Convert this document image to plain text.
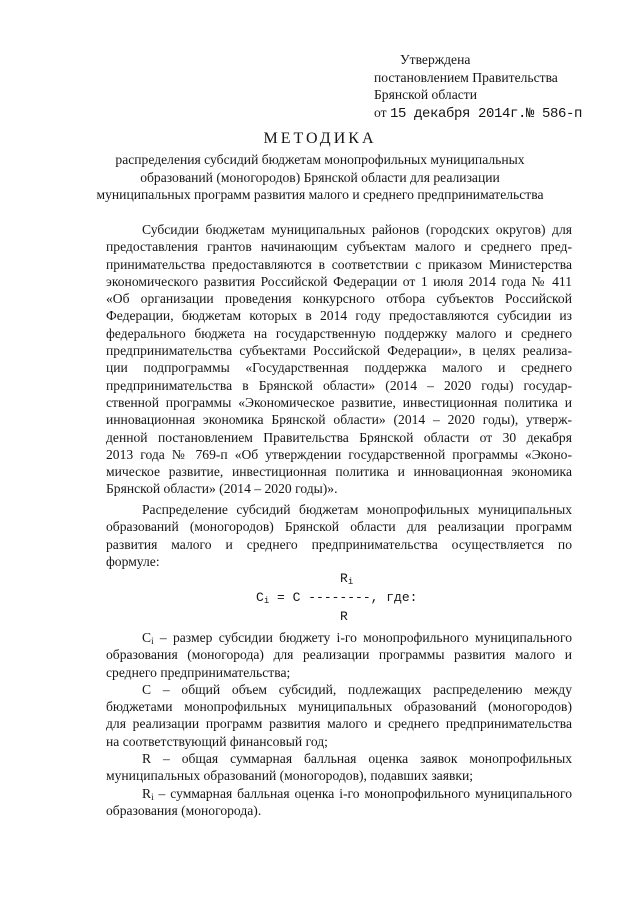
Утверждена
постановлением Правительства
Брянской области
от 15 декабря 2014г.№ 586-п
МЕТОДИКА
распределения субсидий бюджетам монопрофильных муниципальных
образований (моногородов) Брянской области для реализации
муниципальных программ развития малого и среднего предпринимательства
Субсидии бюджетам муниципальных районов (городских округов) для
предоставления грантов начинающим субъектам малого и среднего пред-
принимательства предоставляются в соответствии с приказом Министерства
экономического развития Российской Федерации от 1 июля 2014 года № 411
«Об организации проведения конкурсного отбора субъектов Российской
Федерации, бюджетам которых в 2014 году предоставляются субсидии из
федерального бюджета на государственную поддержку малого и среднего
предпринимательства субъектами Российской Федерации», в целях реализа-
ции подпрограммы «Государственная поддержка малого и среднего
предпринимательства в Брянской области» (2014 – 2020 годы) государ-
ственной программы «Экономическое развитие, инвестиционная политика и
инновационная экономика Брянской области» (2014 – 2020 годы), утверж-
денной постановлением Правительства Брянской области от 30 декабря
2013 года № 769-п «Об утверждении государственной программы «Эконо-
мическое развитие, инвестиционная политика и инновационная экономика
Брянской области» (2014 – 2020 годы)».
Распределение субсидий бюджетам монопрофильных муниципальных
образований (моногородов) Брянской области для реализации программ
развития малого и среднего предпринимательства осуществляется по
формуле:
$R_i$
$C_i = C$ --------, где:
R
$C_i$ – размер субсидии бюджету i-го монопрофильного муниципального
образования (моногорода) для реализации программы развития малого и
среднего предпринимательства;
С – общий объем субсидий, подлежащих распределению между
бюджетами монопрофильных муниципальных образований (моногородов)
для реализации программ развития малого и среднего предпринимательства
на соответствующий финансовый год;
R – общая суммарная балльная оценка заявок монопрофильных
муниципальных образований (моногородов), подавших заявки;
$R_i$ – суммарная балльная оценка i-го монопрофильного муниципального
образования (моногорода).
